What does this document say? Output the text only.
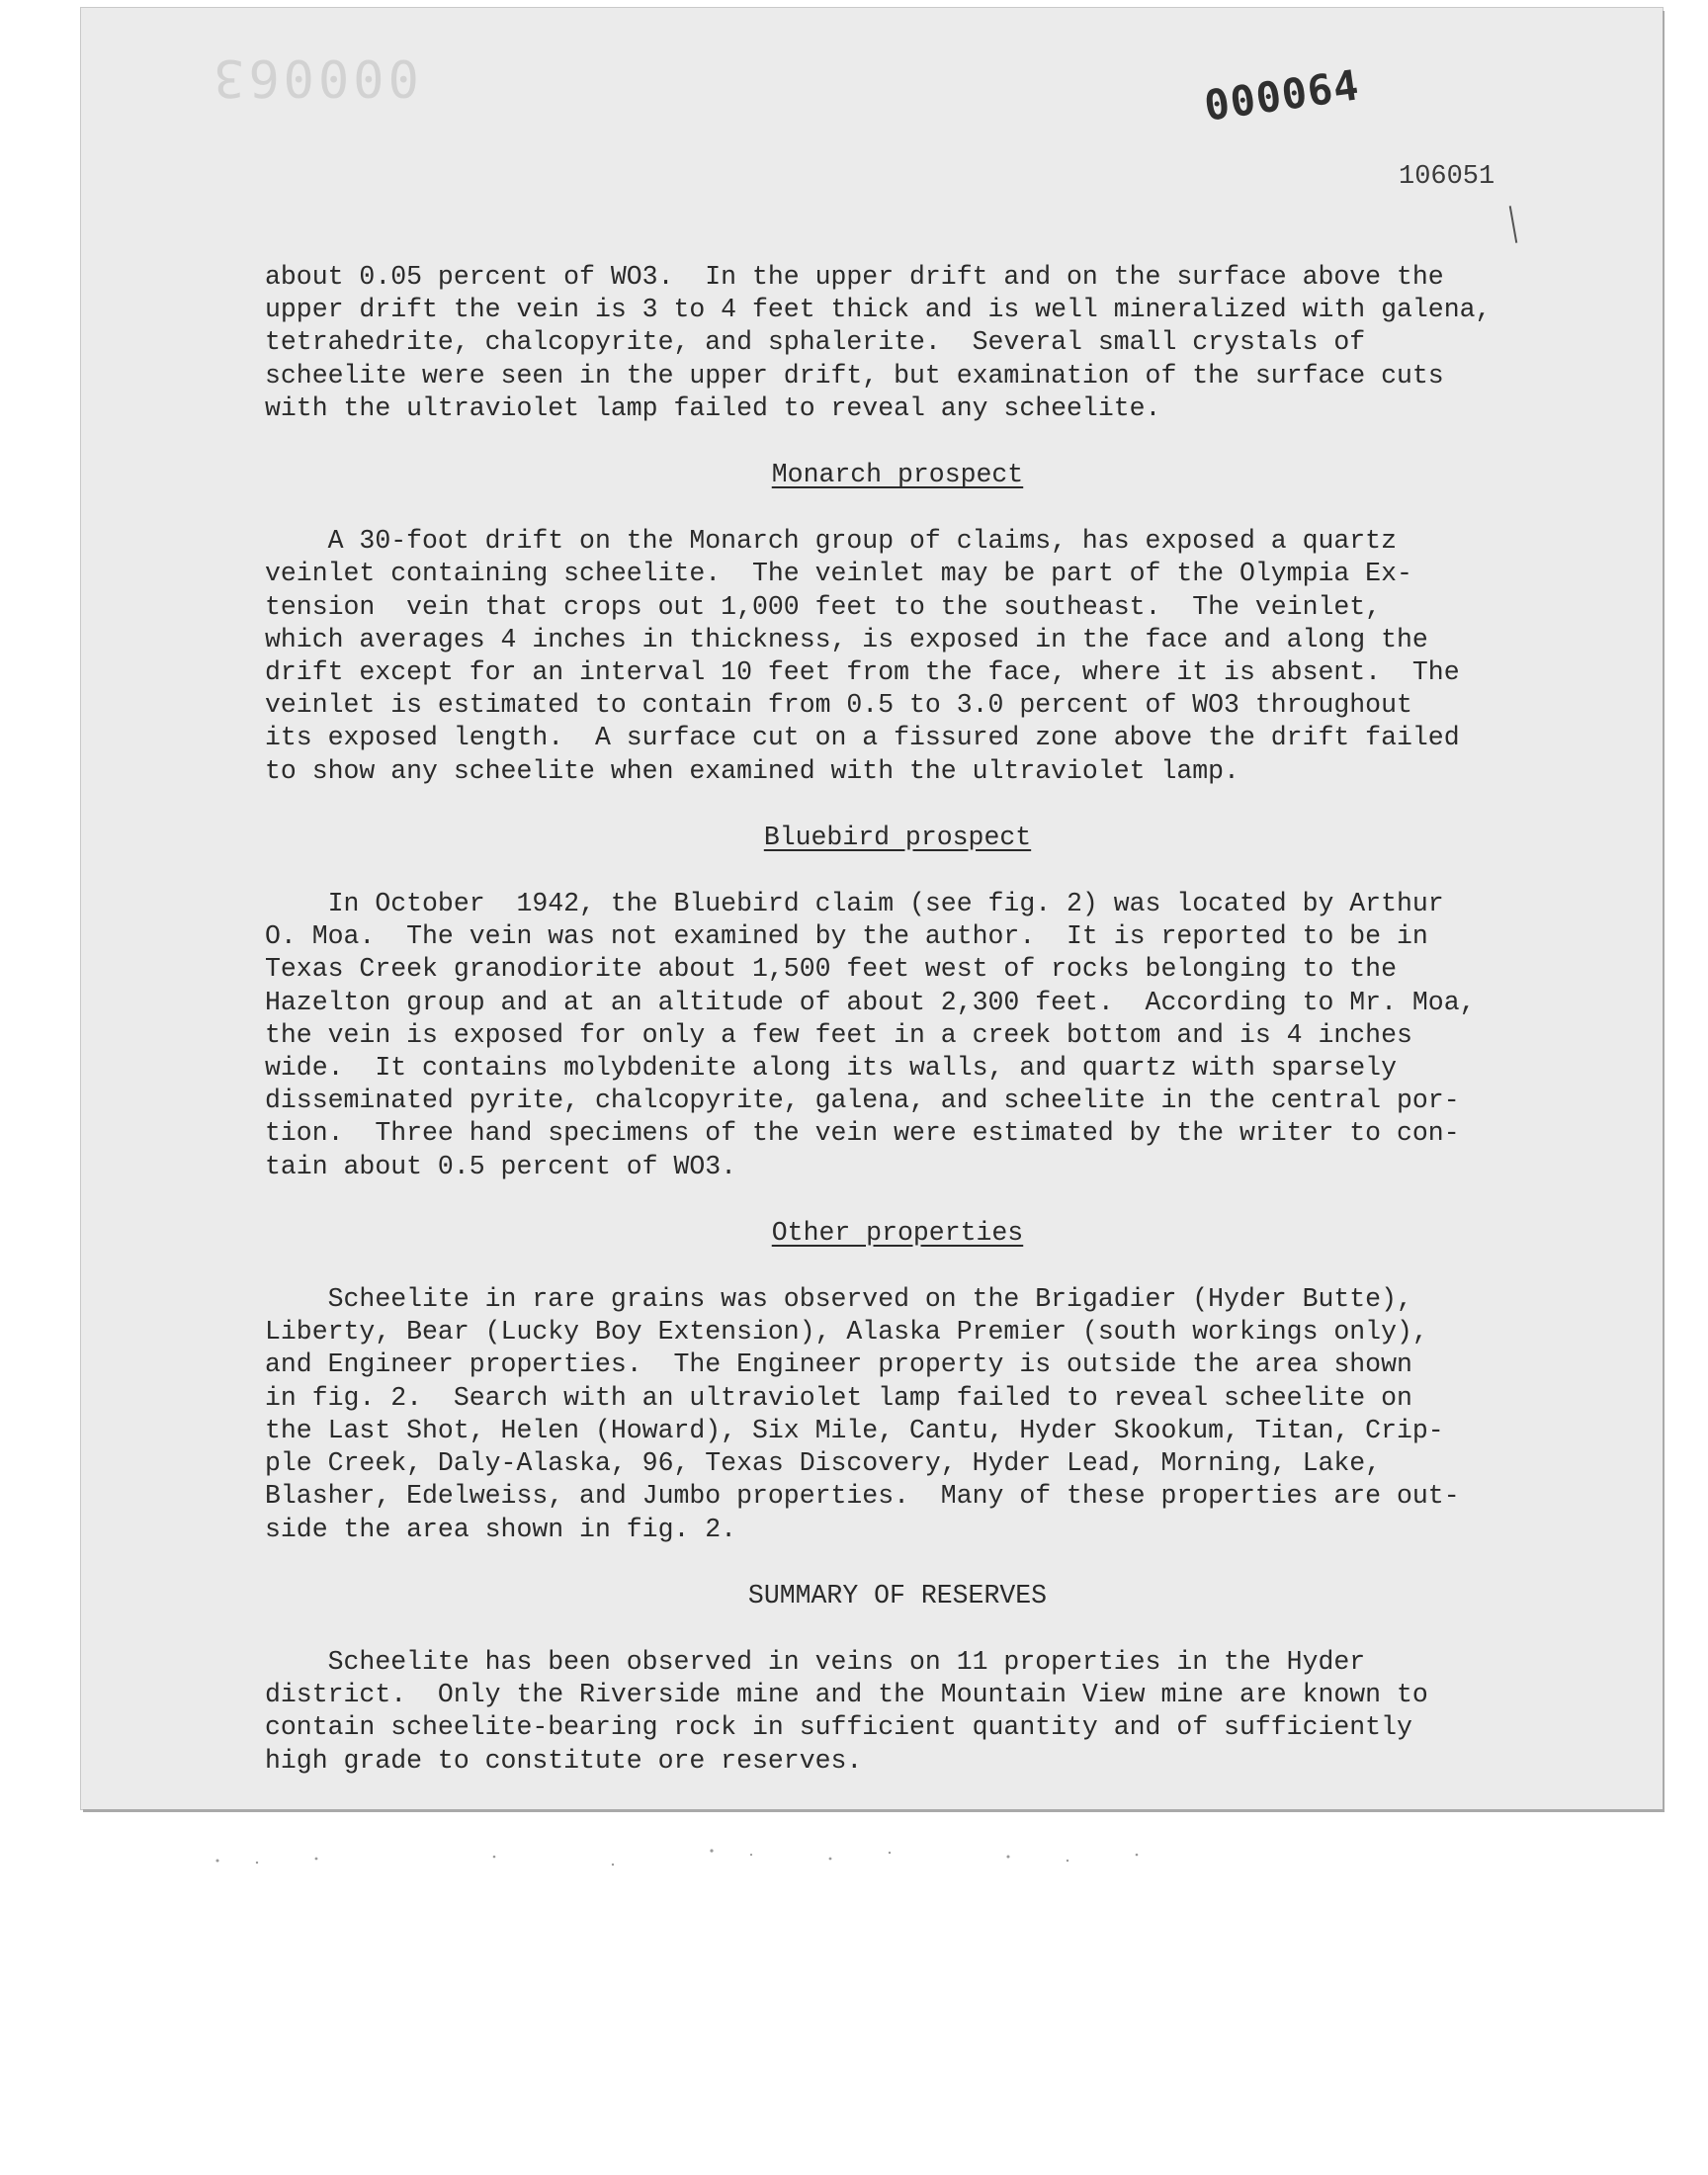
000063	000064
106051
about 0.05 percent of WO3.  In the upper drift and on the surface above the
upper drift the vein is 3 to 4 feet thick and is well mineralized with galena,
tetrahedrite, chalcopyrite, and sphalerite.  Several small crystals of
scheelite were seen in the upper drift, but examination of the surface cuts
with the ultraviolet lamp failed to reveal any scheelite.

Monarch prospect

A 30-foot drift on the Monarch group of claims, has exposed a quartz
veinlet containing scheelite.  The veinlet may be part of the Olympia Ex-
tension  vein that crops out 1,000 feet to the southeast.  The veinlet,
which averages 4 inches in thickness, is exposed in the face and along the
drift except for an interval 10 feet from the face, where it is absent.  The
veinlet is estimated to contain from 0.5 to 3.0 percent of WO3 throughout
its exposed length.  A surface cut on a fissured zone above the drift failed
to show any scheelite when examined with the ultraviolet lamp.

Bluebird prospect

In October  1942, the Bluebird claim (see fig. 2) was located by Arthur
O. Moa.  The vein was not examined by the author.  It is reported to be in
Texas Creek granodiorite about 1,500 feet west of rocks belonging to the
Hazelton group and at an altitude of about 2,300 feet.  According to Mr. Moa,
the vein is exposed for only a few feet in a creek bottom and is 4 inches
wide.  It contains molybdenite along its walls, and quartz with sparsely
disseminated pyrite, chalcopyrite, galena, and scheelite in the central por-
tion.  Three hand specimens of the vein were estimated by the writer to con-
tain about 0.5 percent of WO3.

Other properties

Scheelite in rare grains was observed on the Brigadier (Hyder Butte),
Liberty, Bear (Lucky Boy Extension), Alaska Premier (south workings only),
and Engineer properties.  The Engineer property is outside the area shown
in fig. 2.  Search with an ultraviolet lamp failed to reveal scheelite on
the Last Shot, Helen (Howard), Six Mile, Cantu, Hyder Skookum, Titan, Crip-
ple Creek, Daly-Alaska, 96, Texas Discovery, Hyder Lead, Morning, Lake,
Blasher, Edelweiss, and Jumbo properties.  Many of these properties are out-
side the area shown in fig. 2.

SUMMARY OF RESERVES

Scheelite has been observed in veins on 11 properties in the Hyder
district.  Only the Riverside mine and the Mountain View mine are known to
contain scheelite-bearing rock in sufficient quantity and of sufficiently
high grade to constitute ore reserves.
